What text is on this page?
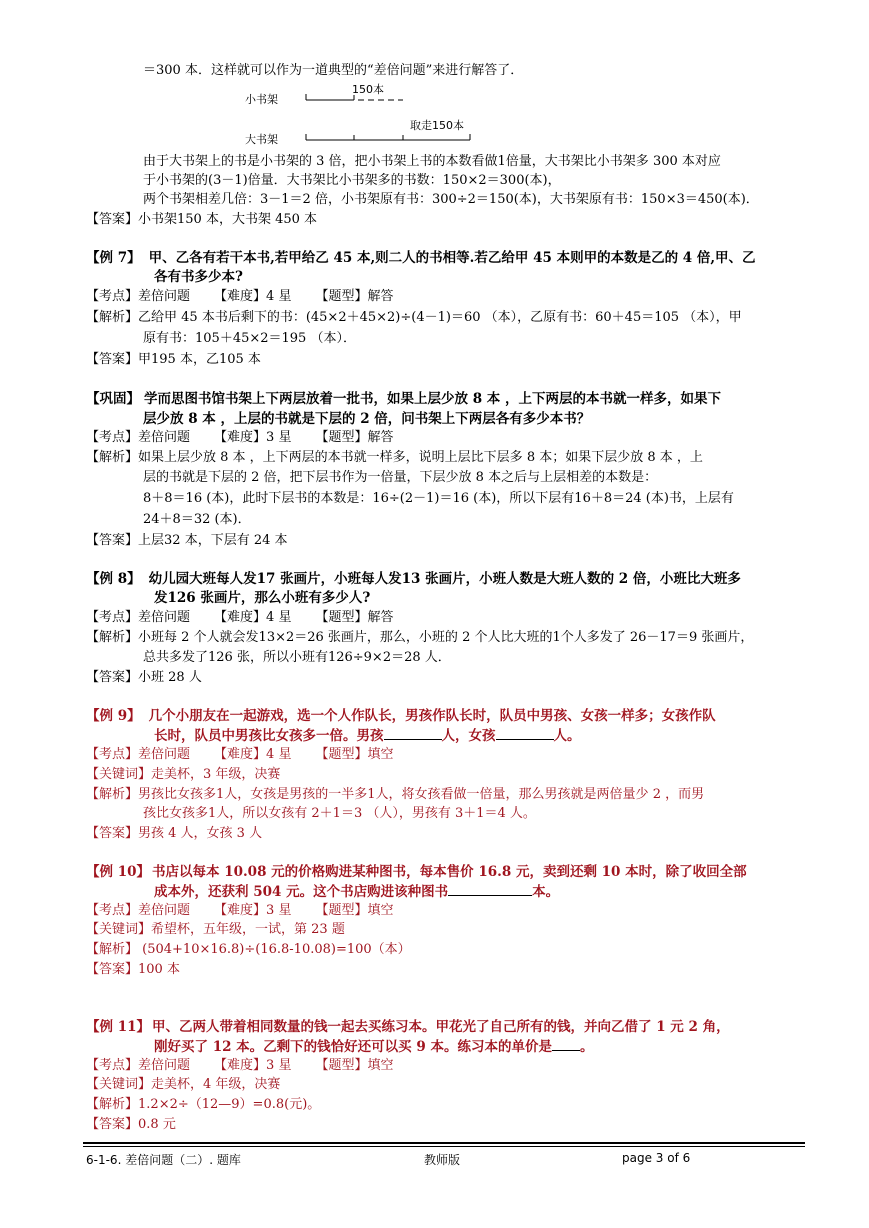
＝300 本．这样就可以作为一道典型的“差倍问题”来进行解答了．
小书架
150本
大书架
取走150本
由于大书架上的书是小书架的 3 倍，把小书架上书的本数看做1倍量，大书架比小书架多 300 本对应
于小书架的(3－1)倍量．大书架比小书架多的书数：150×2＝300(本)，
两个书架相差几倍：3－1＝2 倍，小书架原有书：300÷2＝150(本)，大书架原有书：150×3＝450(本)．
【答案】小书架150 本，大书架 450 本
【例 7】 甲、乙各有若干本书,若甲给乙 45 本,则二人的书相等.若乙给甲 45 本则甲的本数是乙的 4 倍,甲、乙
各有书多少本?
【考点】差倍问题 【难度】4 星 【题型】解答
【解析】乙给甲 45 本书后剩下的书：(45×2＋45×2)÷(4－1)＝60 （本），乙原有书：60＋45＝105 （本），甲
原有书：105＋45×2＝195 （本）．
【答案】甲195 本，乙105 本
【巩固】 学而思图书馆书架上下两层放着一批书，如果上层少放 8 本 ，上下两层的本书就一样多，如果下
层少放 8 本 ，上层的书就是下层的 2 倍，问书架上下两层各有多少本书？
【考点】差倍问题 【难度】3 星 【题型】解答
【解析】如果上层少放 8 本 ，上下两层的本书就一样多，说明上层比下层多 8 本；如果下层少放 8 本 ，上
层的书就是下层的 2 倍，把下层书作为一倍量，下层少放 8 本之后与上层相差的本数是：
8＋8＝16 (本)，此时下层书的本数是：16÷(2－1)＝16 (本)，所以下层有16＋8＝24 (本)书，上层有
24＋8＝32 (本)．
【答案】上层32 本，下层有 24 本
【例 8】 幼儿园大班每人发17 张画片，小班每人发13 张画片，小班人数是大班人数的 2 倍，小班比大班多
发126 张画片，那么小班有多少人?
【考点】差倍问题 【难度】4 星 【题型】解答
【解析】小班每 2 个人就会发13×2＝26 张画片，那么，小班的 2 个人比大班的1个人多发了 26－17＝9 张画片，
总共多发了126 张，所以小班有126÷9×2＝28 人．
【答案】小班 28 人
【例 9】 几个小朋友在一起游戏，选一个人作队长，男孩作队长时，队员中男孩、女孩一样多；女孩作队
长时，队员中男孩比女孩多一倍。男孩	人，女孩	人。
【考点】差倍问题 【难度】4 星 【题型】填空
【关键词】走美杯，3 年级，决赛
【解析】男孩比女孩多1人，女孩是男孩的一半多1人，将女孩看做一倍量，那么男孩就是两倍量少 2 ，而男
孩比女孩多1人，所以女孩有 2＋1＝3 （人），男孩有 3＋1＝4 人。
【答案】男孩 4 人，女孩 3 人
【例 10】 书店以每本 10.08 元的价格购进某种图书，每本售价 16.8 元，卖到还剩 10 本时，除了收回全部
成本外，还获利 504 元。这个书店购进该种图书	本。
【考点】差倍问题 【难度】3 星 【题型】填空
【关键词】希望杯，五年级，一试，第 23 题
【解析】 (504+10×16.8)÷(16.8-10.08)=100（本）
【答案】100 本
【例 11】 甲、乙两人带着相同数量的钱一起去买练习本。甲花光了自己所有的钱，并向乙借了 1 元 2 角，
刚好买了 12 本。乙剩下的钱恰好还可以买 9 本。练习本的单价是 。
【考点】差倍问题 【难度】3 星 【题型】填空
【关键词】走美杯，4 年级，决赛
【解析】1.2×2÷（12—9）=0.8(元)。
【答案】0.8 元
6-1-6. 差倍问题（二）. 题库	教师版	page 3 of 6
